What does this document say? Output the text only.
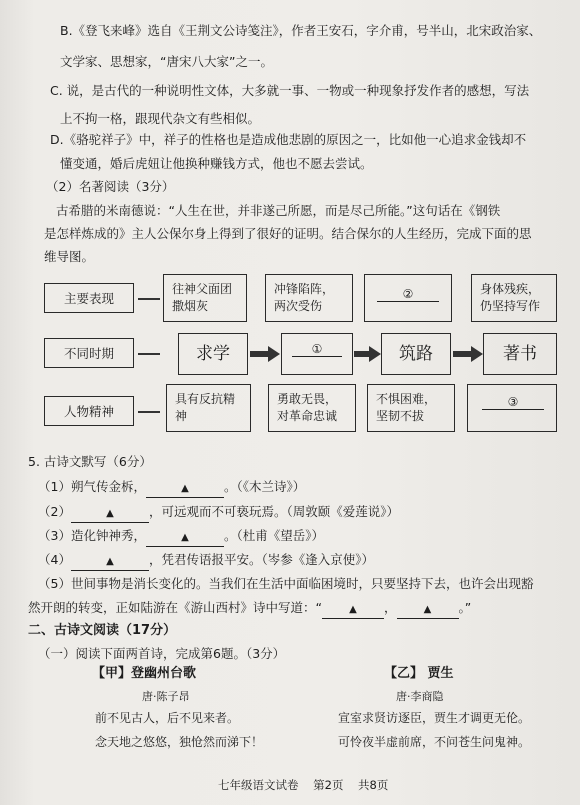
B.《登飞来峰》选自《王荆文公诗笺注》，作者王安石，字介甫，号半山，北宋政治家、
文学家、思想家，“唐宋八大家”之一。
C. 说，是古代的一种说明性文体，大多就一事、一物或一种现象抒发作者的感想，写法
上不拘一格，跟现代杂文有些相似。
D.《骆驼祥子》中，祥子的性格也是造成他悲剧的原因之一，比如他一心追求金钱却不
懂变通，婚后虎妞让他换种赚钱方式，他也不愿去尝试。
（2）名著阅读（3分）
古希腊的米南德说：“人生在世，并非遂己所愿，而是尽己所能。”这句话在《钢铁
是怎样炼成的》主人公保尔身上得到了很好的证明。结合保尔的人生经历，完成下面的思
维导图。
主要表现
不同时期
人物精神
往神父面团
撒烟灰
冲锋陷阵，
两次受伤
②	身体残疾，
仍坚持写作
求学	①	筑路	著书
具有反抗精
神
勇敢无畏，
对革命忠诚
不惧困难，
坚韧不拔
③
5. 古诗文默写（6分）
（1）朔气传金柝，	▲	。（《木兰诗》）
（2）	▲	，可远观而不可亵玩焉。（周敦颐《爱莲说》）
（3）造化钟神秀，	▲	。（杜甫《望岳》）
（4）	▲	，凭君传语报平安。（岑参《逢入京使》）
（5）世间事物是消长变化的。当我们在生活中面临困境时，只要坚持下去，也许会出现豁
然开朗的转变，正如陆游在《游山西村》诗中写道：“	▲ ，	▲ 。”
二、古诗文阅读（17分）
（一）阅读下面两首诗，完成第6题。（3分）
【甲】登幽州台歌
唐·陈子昂
前不见古人，后不见来者。
念天地之悠悠，独怆然而涕下！
【乙】 贾生
唐·李商隐
宣室求贤访逐臣，贾生才调更无伦。
可怜夜半虚前席，不问苍生问鬼神。
七年级语文试卷    第2页    共8页
